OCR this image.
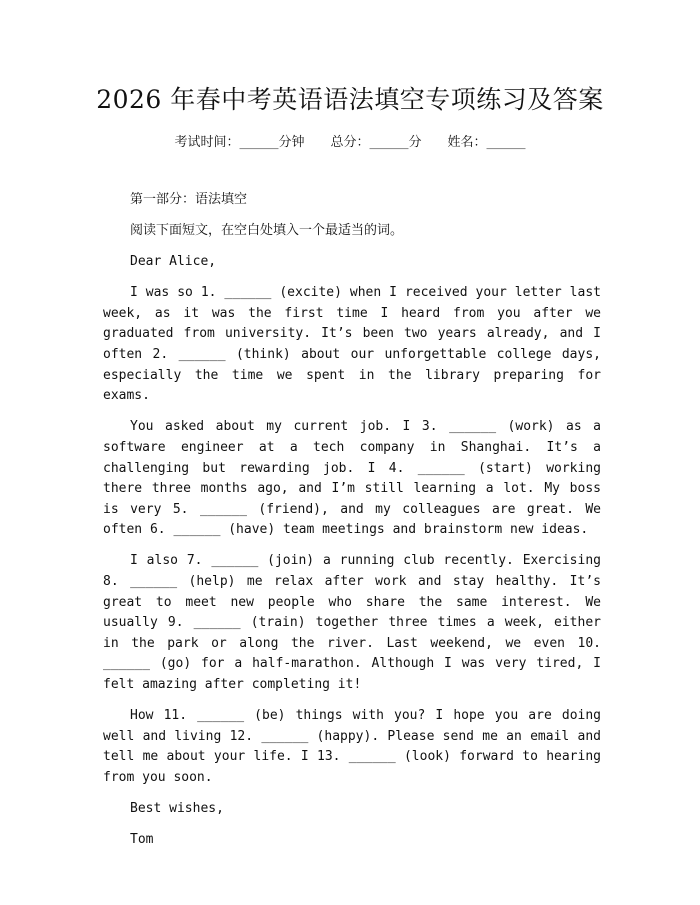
2026 年春中考英语语法填空专项练习及答案
考试时间：______分钟 总分：______分 姓名：______

第一部分：语法填空

阅读下面短文，在空白处填入一个最适当的词。

Dear Alice,

I was so 1. ______ (excite) when I received your letter last week, as it was the first time I heard from you after we graduated from university. It’s been two years already, and I often 2. ______ (think) about our unforgettable college days, especially the time we spent in the library preparing for exams.

You asked about my current job. I 3. ______ (work) as a software engineer at a tech company in Shanghai. It’s a challenging but rewarding job. I 4. ______ (start) working there three months ago, and I’m still learning a lot. My boss is very 5. ______ (friend), and my colleagues are great. We often 6. ______ (have) team meetings and brainstorm new ideas.

I also 7. ______ (join) a running club recently. Exercising 8. ______ (help) me relax after work and stay healthy. It’s great to meet new people who share the same interest. We usually 9. ______ (train) together three times a week, either in the park or along the river. Last weekend, we even 10. ______ (go) for a half-marathon. Although I was very tired, I felt amazing after completing it!

How 11. ______ (be) things with you? I hope you are doing well and living 12. ______ (happy). Please send me an email and tell me about your life. I 13. ______ (look) forward to hearing from you soon.

Best wishes,

Tom
